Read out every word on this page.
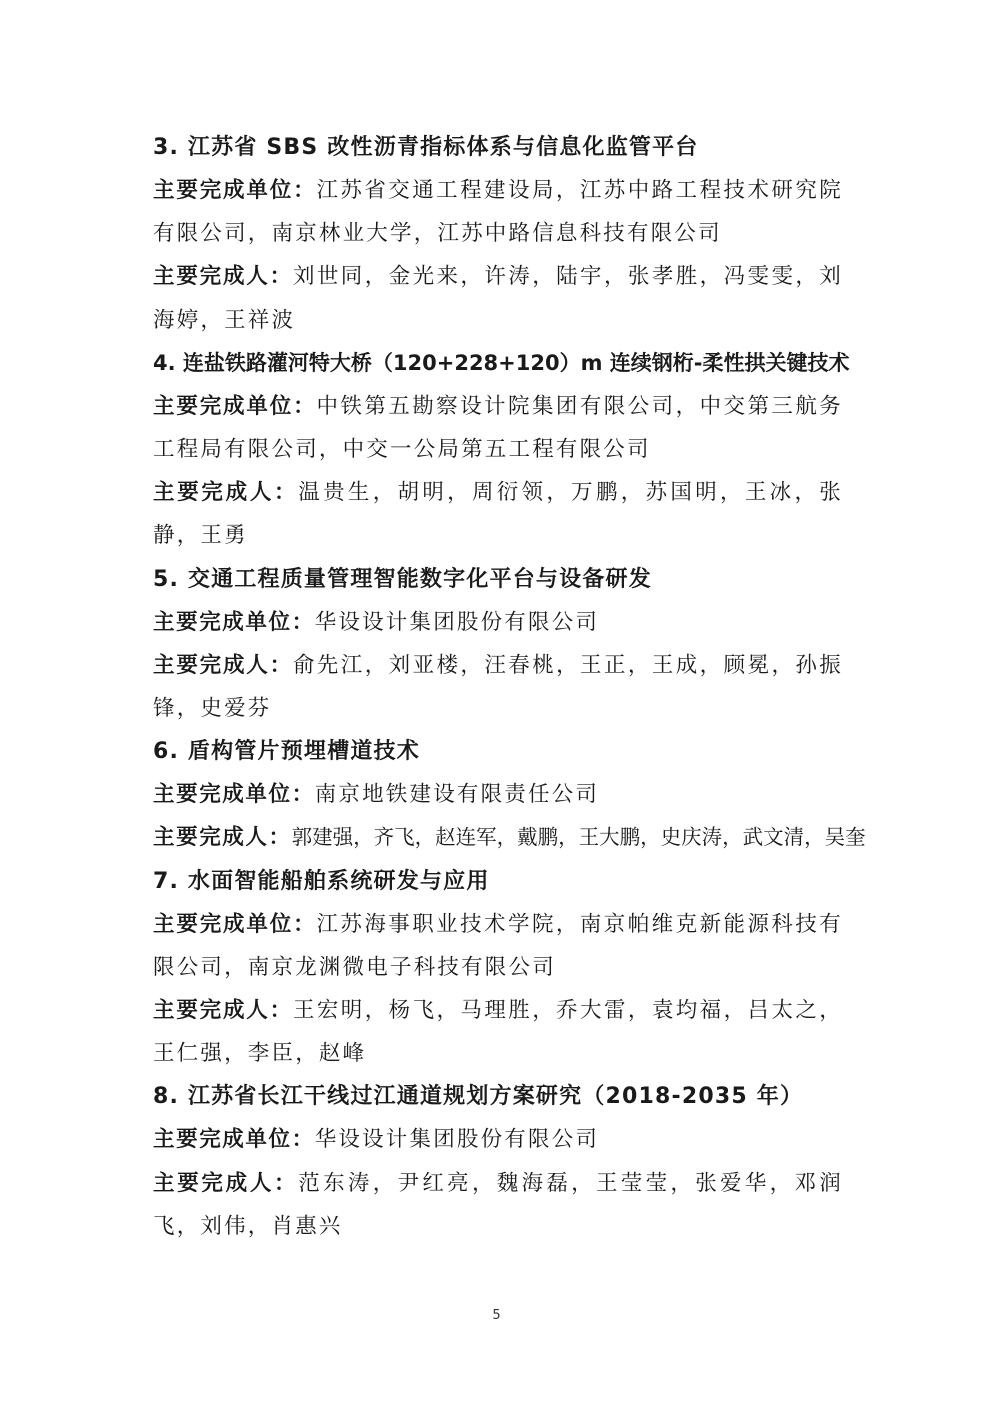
3. 江苏省 SBS 改性沥青指标体系与信息化监管平台
主要完成单位：江苏省交通工程建设局，江苏中路工程技术研究院有限公司，南京林业大学，江苏中路信息科技有限公司
主要完成人：刘世同，金光来，许涛，陆宇，张孝胜，冯雯雯，刘海婷，王祥波
4. 连盐铁路灌河特大桥（120+228+120）m 连续钢桁-柔性拱关键技术
主要完成单位：中铁第五勘察设计院集团有限公司，中交第三航务工程局有限公司，中交一公局第五工程有限公司
主要完成人：温贵生，胡明，周衍领，万鹏，苏国明，王冰，张静，王勇
5. 交通工程质量管理智能数字化平台与设备研发
主要完成单位：华设设计集团股份有限公司
主要完成人：俞先江，刘亚楼，汪春桃，王正，王成，顾冕，孙振锋，史爱芬
6. 盾构管片预埋槽道技术
主要完成单位：南京地铁建设有限责任公司
主要完成人：郭建强，齐飞，赵连军，戴鹏，王大鹏，史庆涛，武文清，吴奎
7. 水面智能船舶系统研发与应用
主要完成单位：江苏海事职业技术学院，南京帕维克新能源科技有限公司，南京龙渊微电子科技有限公司
主要完成人：王宏明，杨飞，马理胜，乔大雷，袁均福，吕太之，王仁强，李臣，赵峰
8. 江苏省长江干线过江通道规划方案研究（2018-2035 年）
主要完成单位：华设设计集团股份有限公司
主要完成人：范东涛，尹红亮，魏海磊，王莹莹，张爱华，邓润飞，刘伟，肖惠兴
5
